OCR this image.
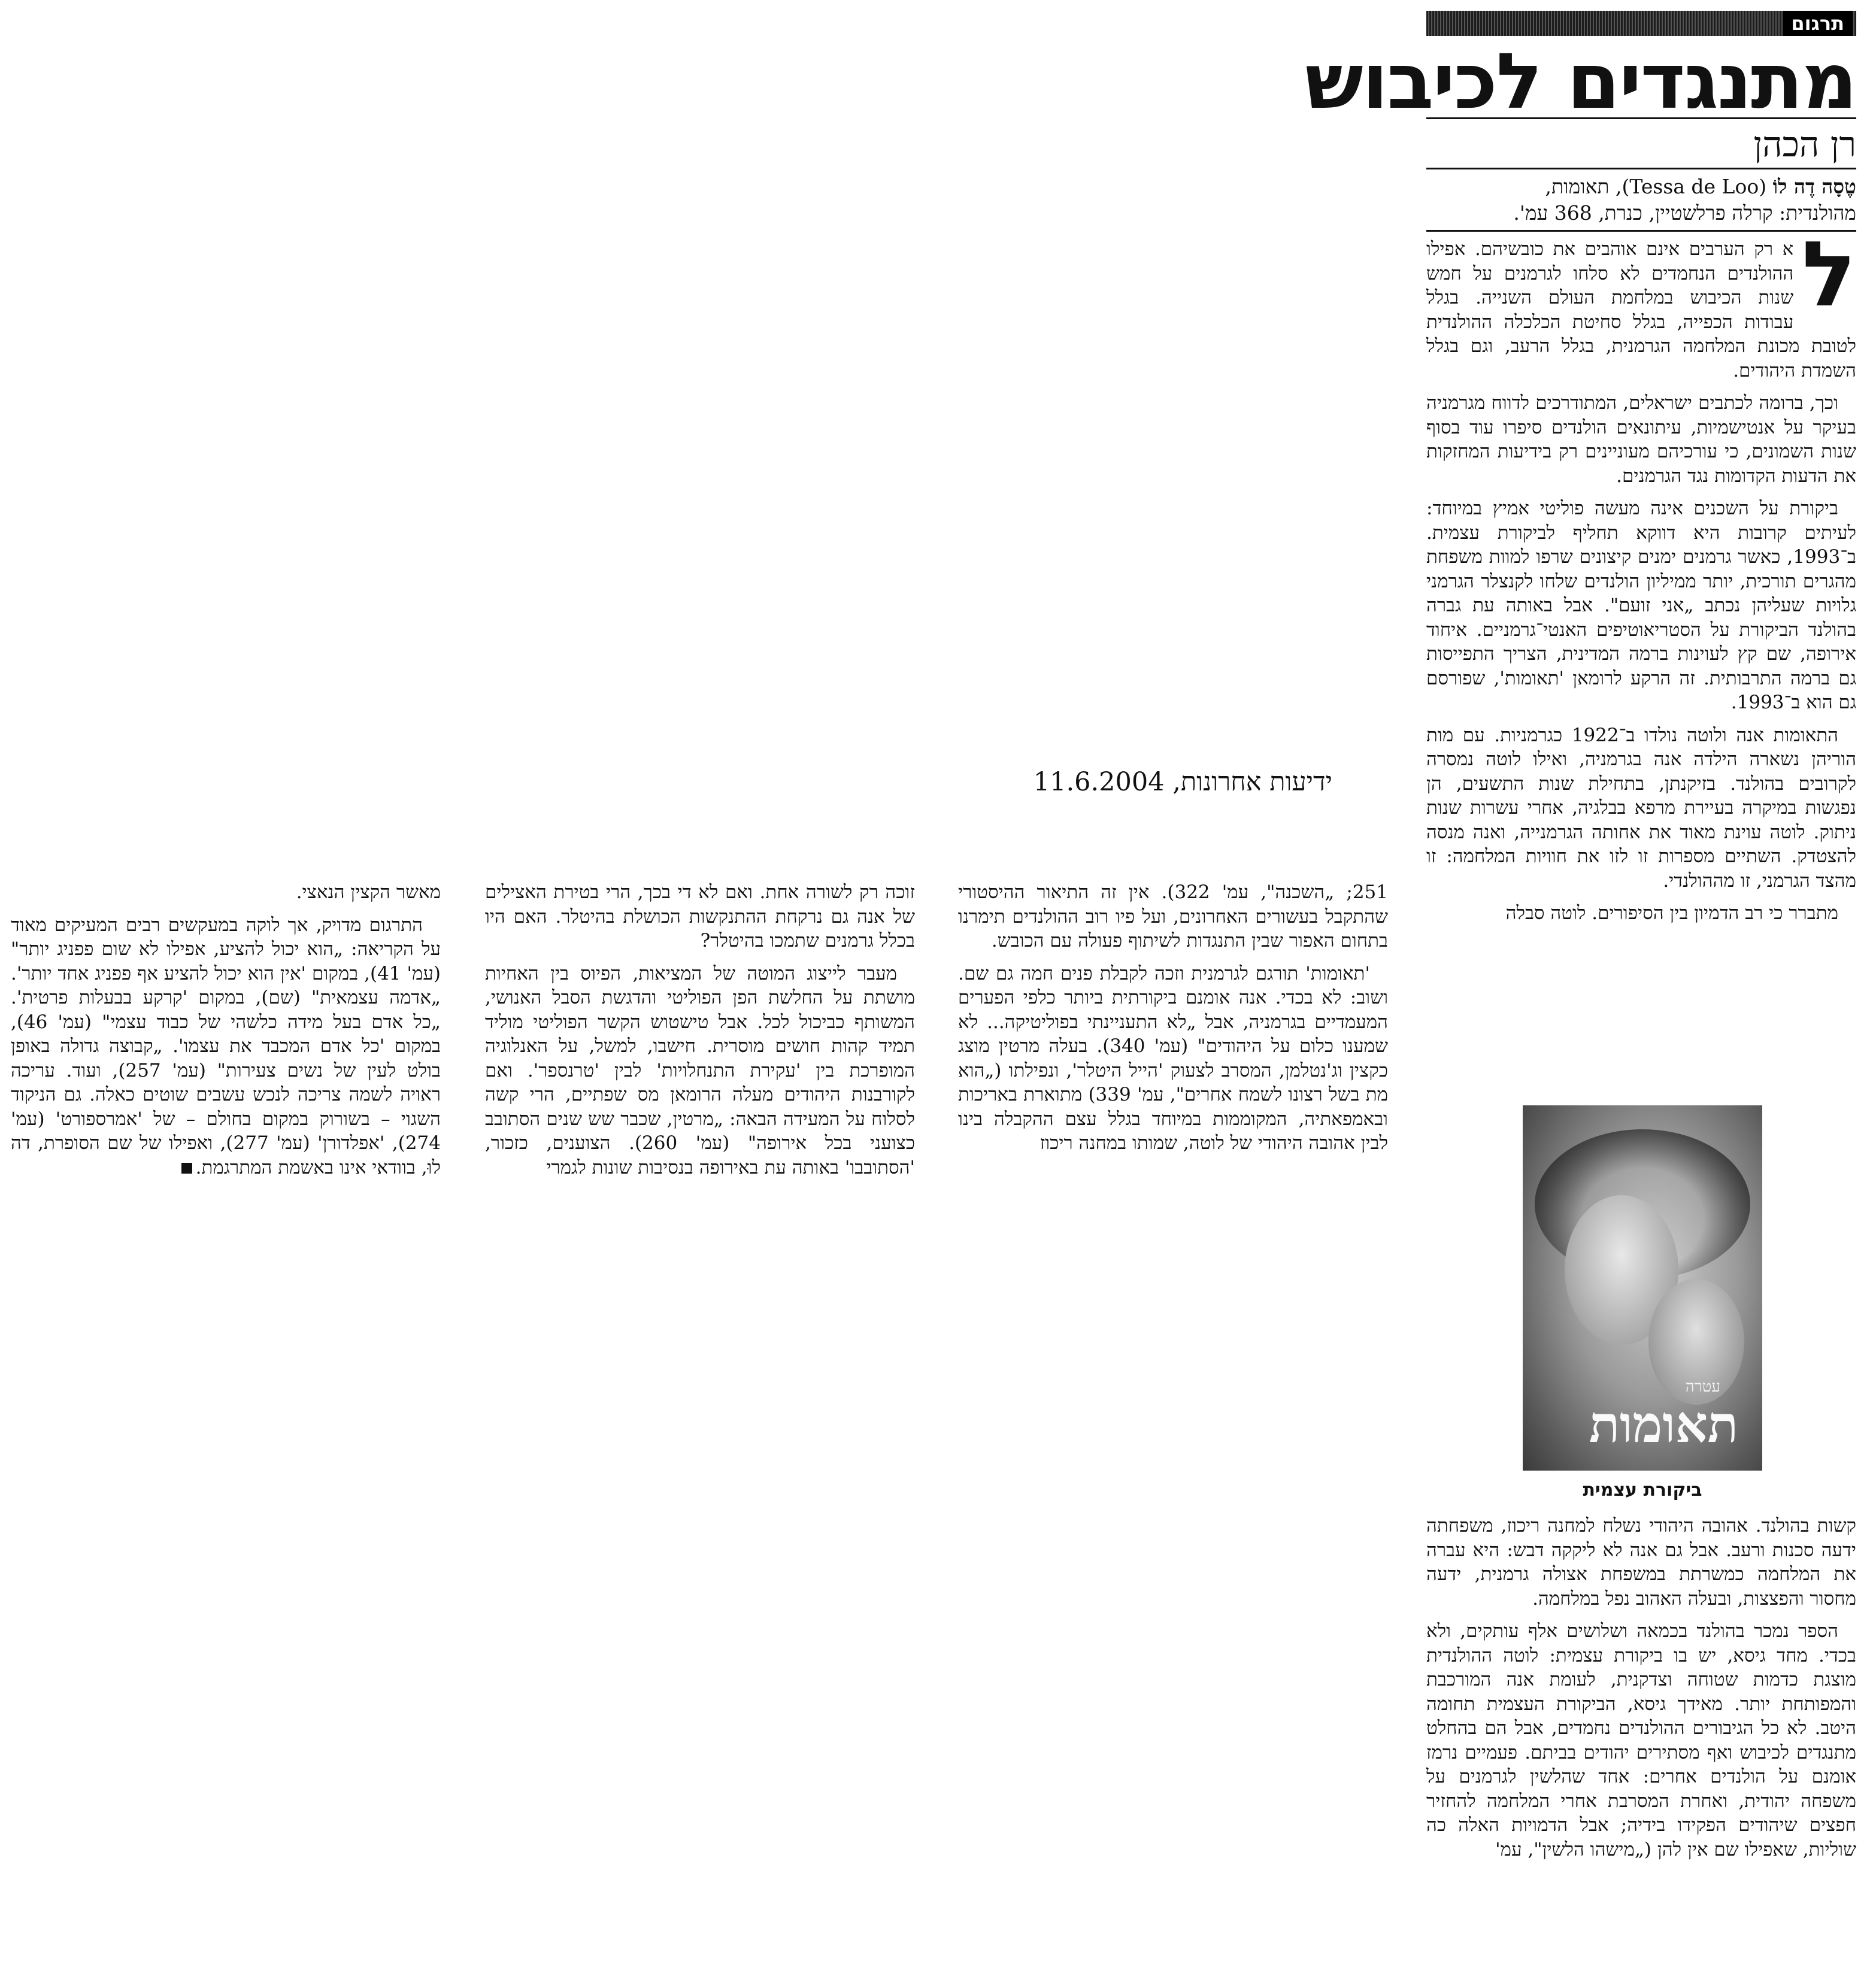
תרגום
מתנגדים לכיבוש
רן הכהן
טֶסָה דֶה לוֹ (Tessa de Loo), תאומות,
מהולנדית: קרלה פרלשטיין, כנרת, 368 עמ'.
ל

א רק הערבים אינם אוהבים את כובשיהם. אפילו ההולנדים הנחמדים לא סלחו לגרמנים על חמש שנות הכיבוש במלחמת העולם השנייה. בגלל עבודות הכפייה, בגלל סחיטת הכלכלה ההולנדית לטובת מכונת המלחמה הגרמנית, בגלל הרעב, וגם בגלל השמדת היהודים.

וכך, ברומה לכתבים ישראלים, המתודרכים לדווח מגרמניה בעיקר על אנטישמיות, עיתונאים הולנדים סיפרו עוד בסוף שנות השמונים, כי עורכיהם מעוניינים רק בידיעות המחזקות את הדעות הקדומות נגד הגרמנים.

ביקורת על השכנים אינה מעשה פוליטי אמיץ במיוחד: לעיתים קרובות היא דווקא תחליף לביקורת עצמית. ב־1993, כאשר גרמנים ימנים קיצונים שרפו למוות משפחת מהגרים תורכית, יותר ממיליון הולנדים שלחו לקנצלר הגרמני גלויות שעליהן נכתב „אני זועם". אבל באותה עת גברה בהולנד הביקורת על הסטריאוטיפים האנטי־גרמניים. איחוד אירופה, שם קץ לעוינות ברמה המדינית, הצריך התפייסות גם ברמה התרבותית. זה הרקע לרומאן 'תאומות', שפורסם גם הוא ב־1993.

התאומות אנה ולוטה נולדו ב־1922 כגרמניות. עם מות הוריהן נשארה הילדה אנה בגרמניה, ואילו לוטה נמסרה לקרובים בהולנד. בזיקנתן, בתחילת שנות התשעים, הן נפגשות במיקרה בעיירת מרפא בבלגיה, אחרי עשרות שנות ניתוק. לוטה עוינת מאוד את אחותה הגרמנייה, ואנה מנסה להצטדק. השתיים מספרות זו לזו את חוויות המלחמה: זו מהצד הגרמני, זו מההולנדי.

מתברר כי רב הדמיון בין הסיפורים. לוטה סבלה

עטרה
תאומות
ביקורת עצמית

קשות בהולנד. אהובה היהודי נשלח למחנה ריכוז, משפחתה ידעה סכנות ורעב. אבל גם אנה לא ליקקה דבש: היא עברה את המלחמה כמשרתת במשפחת אצולה גרמנית, ידעה מחסור והפצצות, ובעלה האהוב נפל במלחמה.

הספר נמכר בהולנד בכמאה ושלושים אלף עותקים, ולא בכדי. מחד גיסא, יש בו ביקורת עצמית: לוטה ההולנדית מוצגת כדמות שטוחה וצדקנית, לעומת אנה המורכבת והמפותחת יותר. מאידך גיסא, הביקורת העצמית תחומה היטב. לא כל הגיבורים ההולנדים נחמדים, אבל הם בהחלט מתנגדים לכיבוש ואף מסתירים יהודים בביתם. פעמיים נרמז אומנם על הולנדים אחרים: אחד שהלשין לגרמנים על משפחה יהודית, ואחרת המסרבת אחרי המלחמה להחזיר חפצים שיהודים הפקידו בידיה; אבל הדמויות האלה כה שוליות, שאפילו שם אין להן („מישהו הלשין", עמ'

ידיעות אחרונות, 11.6.2004

251; „השכנה", עמ' 322). אין זה התיאור ההיסטורי שהתקבל בעשורים האחרונים, ועל פיו רוב ההולנדים תימרנו בתחום האפור שבין התנגדות לשיתוף פעולה עם הכובש.

'תאומות' תורגם לגרמנית וזכה לקבלת פנים חמה גם שם. ושוב: לא בכדי. אנה אומנם ביקורתית ביותר כלפי הפערים המעמדיים בגרמניה, אבל „לא התעניינתי בפוליטיקה... לא שמענו כלום על היהודים" (עמ' 340). בעלה מרטין מוצג כקצין וג'נטלמן, המסרב לצעוק 'הייל היטלר', ונפילתו („הוא מת בשל רצונו לשמח אחרים", עמ' 339) מתוארת באריכות ובאמפאתיה, המקוממות במיוחד בגלל עצם ההקבלה בינו לבין אהובה היהודי של לוטה, שמותו במחנה ריכוז

זוכה רק לשורה אחת. ואם לא די בכך, הרי בטירת האצילים של אנה גם נרקחת ההתנקשות הכושלת בהיטלר. האם היו בכלל גרמנים שתמכו בהיטלר?

מעבר לייצוג המוטה של המציאות, הפיוס בין האחיות מושתת על החלשת הפן הפוליטי והדגשת הסבל האנושי, המשותף כביכול לכל. אבל טישטוש הקשר הפוליטי מוליד תמיד קהות חושים מוסרית. חישבו, למשל, על האנלוגיה המופרכת בין 'עקירת התנחלויות' לבין 'טרנספר'. ואם לקורבנות היהודים מעלה הרומאן מס שפתיים, הרי קשה לסלוח על המעידה הבאה: „מרטין, שכבר שש שנים הסתובב כצועני בכל אירופה" (עמ' 260). הצוענים, כזכור, 'הסתובבו' באותה עת באירופה בנסיבות שונות לגמרי

מאשר הקצין הנאצי.

התרגום מדויק, אך לוקה במעקשים רבים המעיקים מאוד על הקריאה: „הוא יכול להציע, אפילו לא שום פפניג יותר" (עמ' 41), במקום 'אין הוא יכול להציע אף פפניג אחד יותר'. „אדמה עצמאית" (שם), במקום 'קרקע בבעלות פרטית'. „כל אדם בעל מידה כלשהי של כבוד עצמי" (עמ' 46), במקום 'כל אדם המכבד את עצמו'. „קבוצה גדולה באופן בולט לעין של נשים צעירות" (עמ' 257), ועוד. עריכה ראויה לשמה צריכה לנכש עשבים שוטים כאלה. גם הניקוד השגוי – בשורוק במקום בחולם – של 'אמרספורט' (עמ' 274), 'אפלדורן' (עמ' 277), ואפילו של שם הסופרת, דה לוּ, בוודאי אינו באשמת המתרגמת.
